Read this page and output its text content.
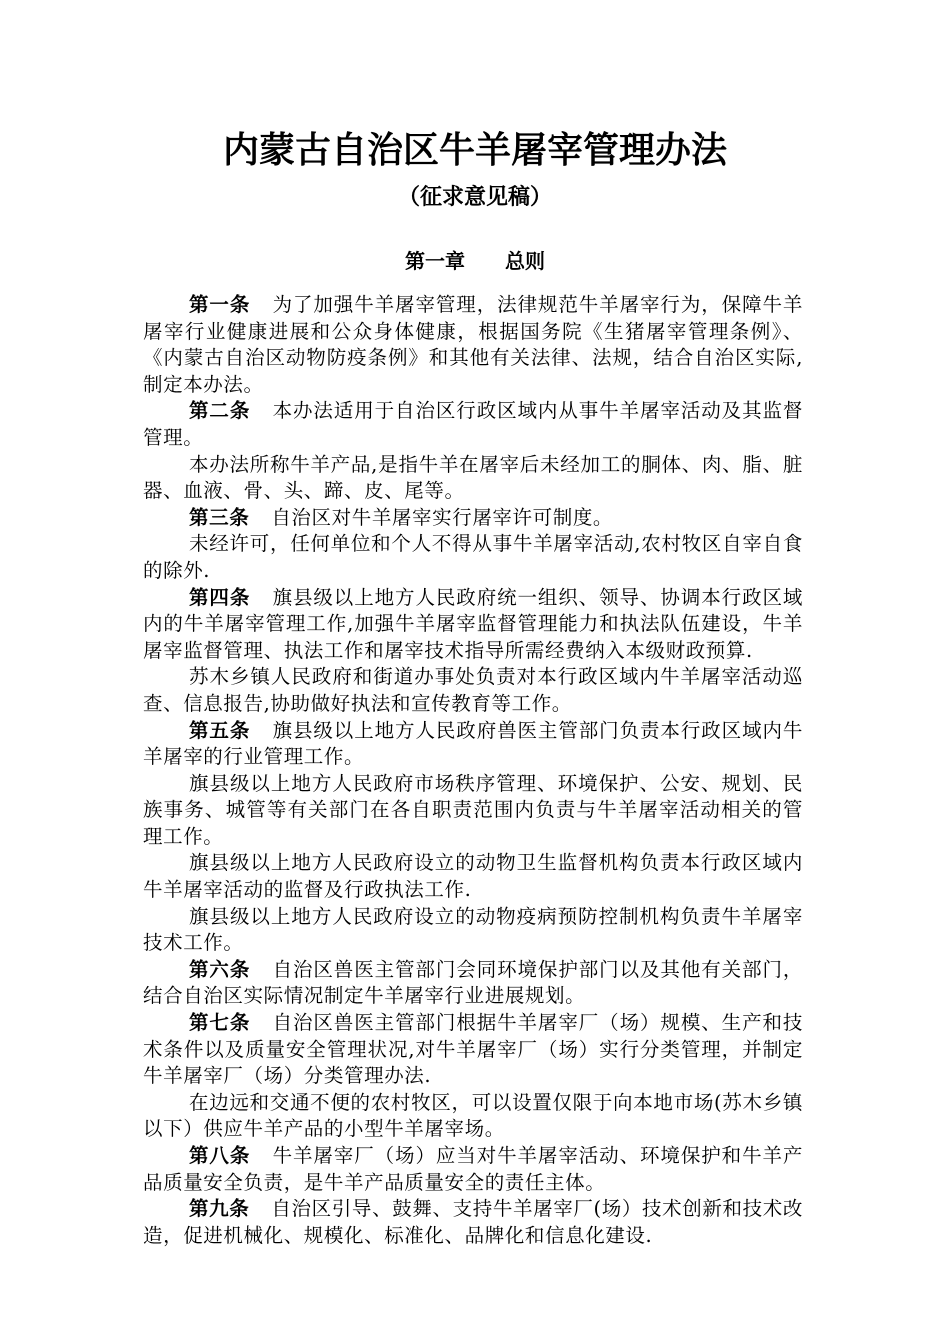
内蒙古自治区牛羊屠宰管理办法
（征求意见稿）
第一章 总则

第一条 为了加强牛羊屠宰管理，法律规范牛羊屠宰行为，保障牛羊屠宰行业健康进展和公众身体健康，根据国务院《生猪屠宰管理条例》、《内蒙古自治区动物防疫条例》和其他有关法律、法规，结合自治区实际,制定本办法。

第二条 本办法适用于自治区行政区域内从事牛羊屠宰活动及其监督管理。

本办法所称牛羊产品,是指牛羊在屠宰后未经加工的胴体、肉、脂、脏器、血液、骨、头、蹄、皮、尾等。

第三条 自治区对牛羊屠宰实行屠宰许可制度。

未经许可，任何单位和个人不得从事牛羊屠宰活动,农村牧区自宰自食的除外.

第四条 旗县级以上地方人民政府统一组织、领导、协调本行政区域内的牛羊屠宰管理工作,加强牛羊屠宰监督管理能力和执法队伍建设，牛羊屠宰监督管理、执法工作和屠宰技术指导所需经费纳入本级财政预算.

苏木乡镇人民政府和街道办事处负责对本行政区域内牛羊屠宰活动巡查、信息报告,协助做好执法和宣传教育等工作。

第五条 旗县级以上地方人民政府兽医主管部门负责本行政区域内牛羊屠宰的行业管理工作。

旗县级以上地方人民政府市场秩序管理、环境保护、公安、规划、民族事务、城管等有关部门在各自职责范围内负责与牛羊屠宰活动相关的管理工作。

旗县级以上地方人民政府设立的动物卫生监督机构负责本行政区域内牛羊屠宰活动的监督及行政执法工作.

旗县级以上地方人民政府设立的动物疫病预防控制机构负责牛羊屠宰技术工作。

第六条 自治区兽医主管部门会同环境保护部门以及其他有关部门，结合自治区实际情况制定牛羊屠宰行业进展规划。

第七条 自治区兽医主管部门根据牛羊屠宰厂（场）规模、生产和技术条件以及质量安全管理状况,对牛羊屠宰厂（场）实行分类管理，并制定牛羊屠宰厂（场）分类管理办法.

在边远和交通不便的农村牧区，可以设置仅限于向本地市场(苏木乡镇以下）供应牛羊产品的小型牛羊屠宰场。

第八条 牛羊屠宰厂（场）应当对牛羊屠宰活动、环境保护和牛羊产品质量安全负责，是牛羊产品质量安全的责任主体。

第九条 自治区引导、鼓舞、支持牛羊屠宰厂(场）技术创新和技术改造，促进机械化、规模化、标准化、品牌化和信息化建设.
